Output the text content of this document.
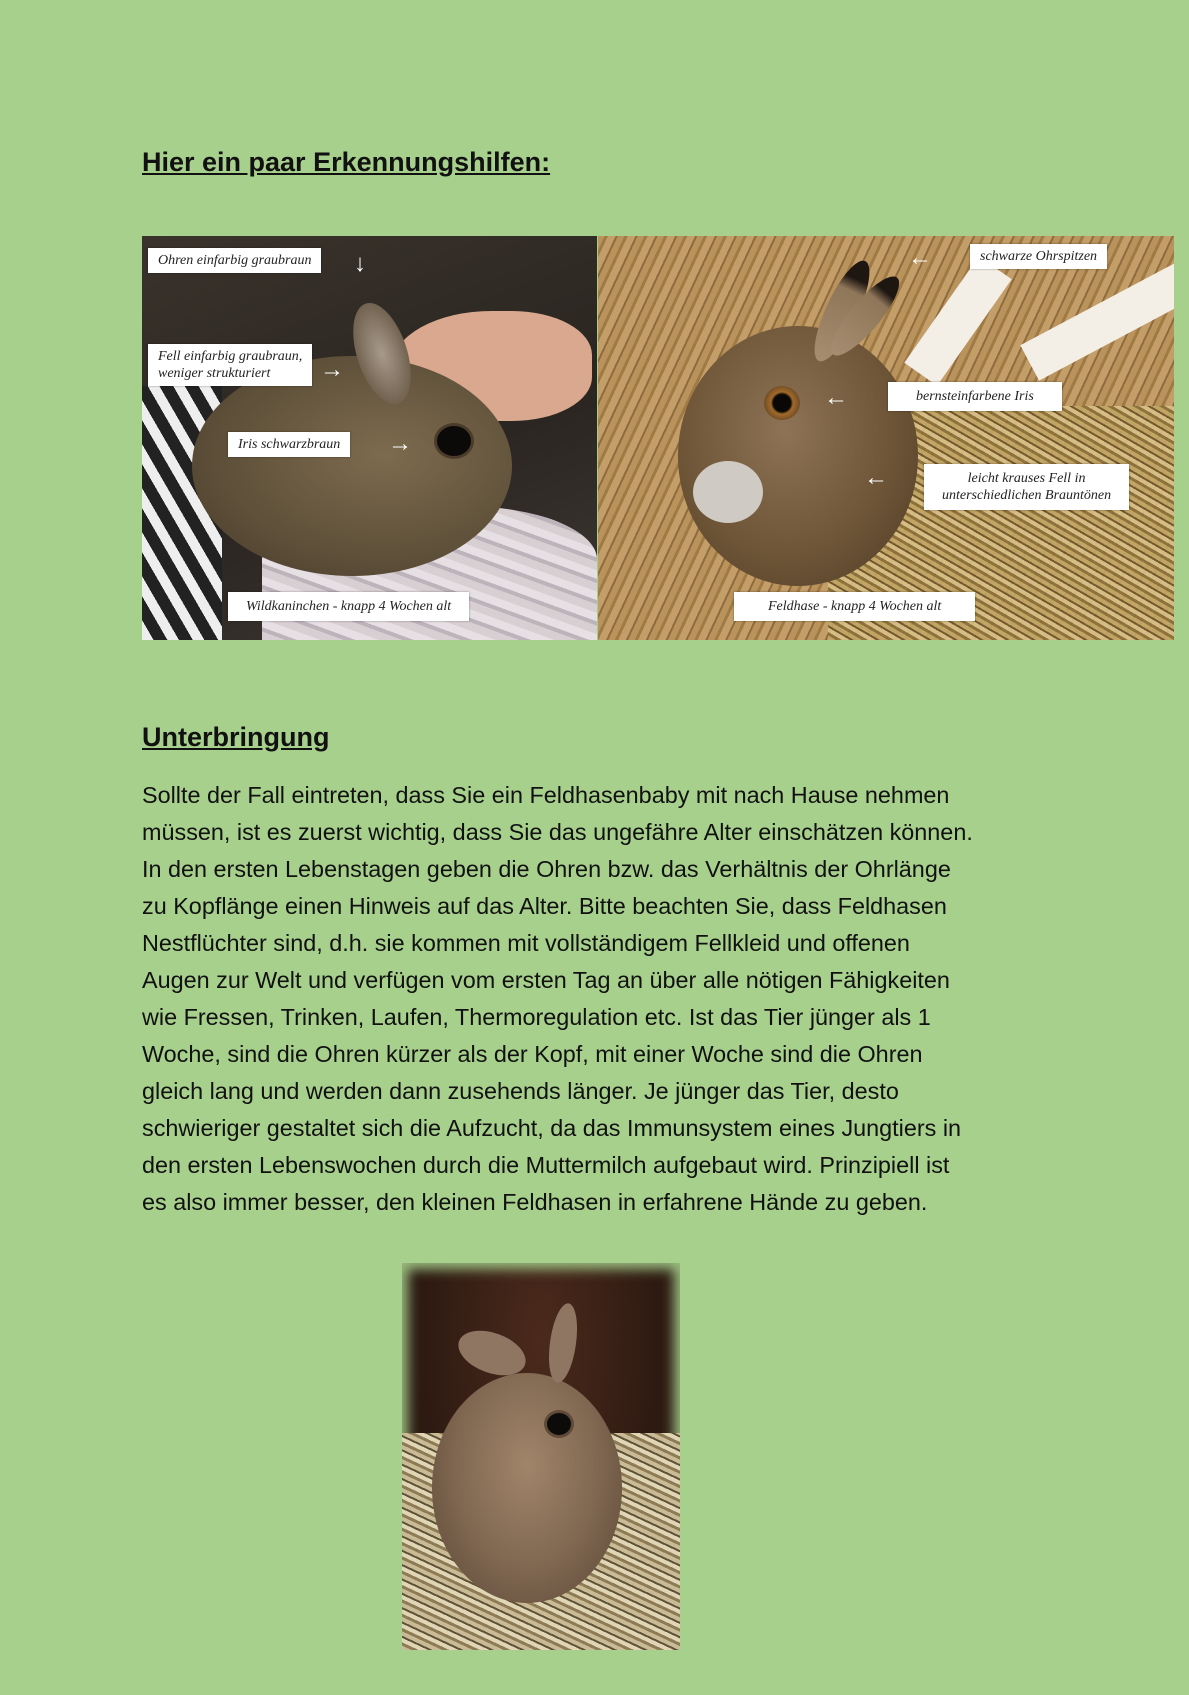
Hier ein paar Erkennungshilfen:
Ohren einfarbig graubraun	↓
Fell einfarbig graubraun,
weniger strukturiert	→
Iris schwarzbraun	→
Wildkaninchen - knapp 4 Wochen alt
schwarze Ohrspitzen
←
bernsteinfarbene Iris
←
leicht krauses Fell in
unterschiedlichen Brauntönen
←
Feldhase - knapp 4 Wochen alt
Unterbringung

Sollte der Fall eintreten, dass Sie ein Feldhasenbaby mit nach Hause nehmen
müssen, ist es zuerst wichtig, dass Sie das ungefähre Alter einschätzen können.
In den ersten Lebenstagen geben die Ohren bzw. das Verhältnis der Ohrlänge
zu Kopflänge einen Hinweis auf das Alter. Bitte beachten Sie, dass Feldhasen
Nestflüchter sind, d.h. sie kommen mit vollständigem Fellkleid und offenen
Augen zur Welt und verfügen vom ersten Tag an über alle nötigen Fähigkeiten
wie Fressen, Trinken, Laufen, Thermoregulation etc. Ist das Tier jünger als 1
Woche, sind die Ohren kürzer als der Kopf, mit einer Woche sind die Ohren
gleich lang und werden dann zusehends länger. Je jünger das Tier, desto
schwieriger gestaltet sich die Aufzucht, da das Immunsystem eines Jungtiers in
den ersten Lebenswochen durch die Muttermilch aufgebaut wird. Prinzipiell ist
es also immer besser, den kleinen Feldhasen in erfahrene Hände zu geben.
